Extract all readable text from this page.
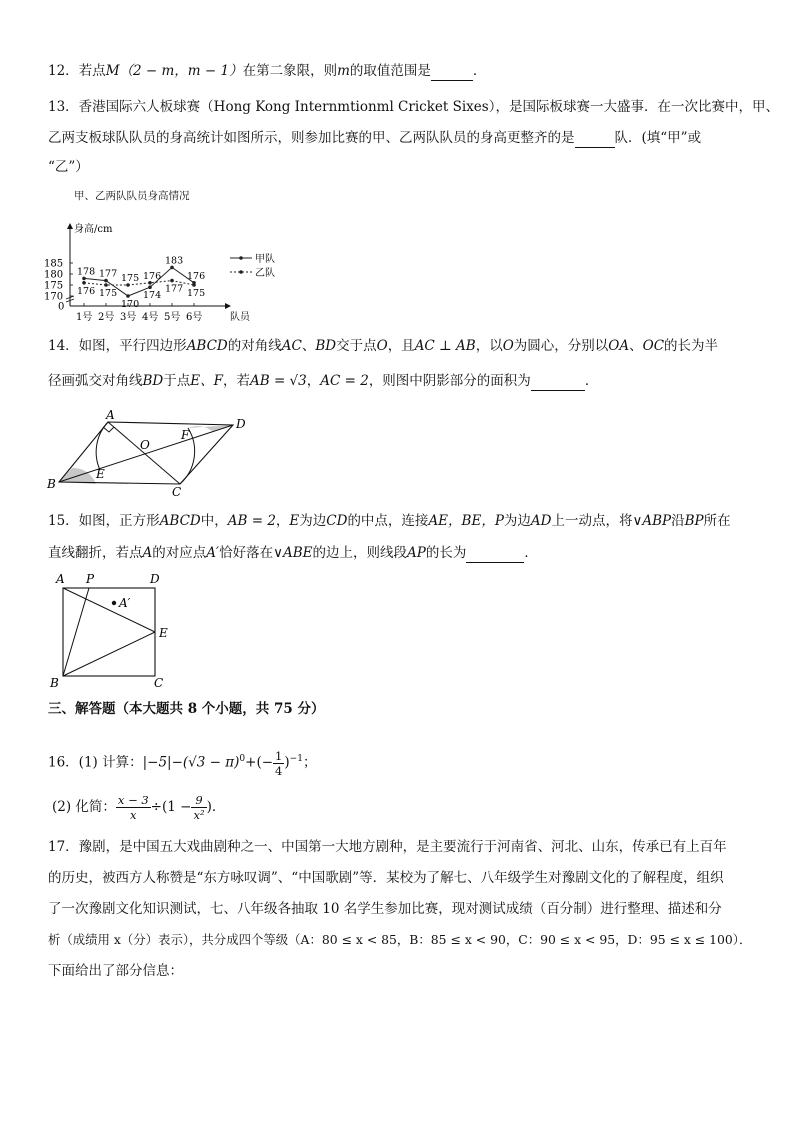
12．若点M（2 − m，m − 1）在第二象限，则m的取值范围是	．
13．香港国际六人板球赛（Hong Kong Internmtionml Cricket Sixes），是国际板球赛一大盛事．在一次比赛中，甲、
乙两支板球队队员的身高统计如图所示，则参加比赛的甲、乙两队队员的身高更整齐的是	队．(填“甲”或
“乙”）
甲、乙两队队员身高情况
身高/cm
队员
0
170
175
180
185
1号 2号 3号 4号 5号 6号
178 177
170
174
183
176
176 175
175 176
177 175
甲队
乙队
14．如图，平行四边形ABCD的对角线AC、BD交于点O，且AC ⊥ AB，以O为圆心，分别以OA、OC的长为半
径画弧交对角线BD于点E、F，若AB = √3，AC = 2，则图中阴影部分的面积为	．
A
B
C
D
O
E
F
15．如图，正方形ABCD中，AB = 2，E为边CD的中点，连接AE，BE，P为边AD上一动点，将∨ABP沿BP所在
直线翻折，若点A的对应点A′恰好落在∨ABE的边上，则线段AP的长为	．
A P	D
A′
E
B	C
三、解答题（本大题共 8 个小题，共 75 分）
16．(1) 计算：$|-5|-(√3 - \pi)^0+(- \frac{1}{4} )^{-1}$；
(2) 化简： $\frac{x - 3}{x} \div(1 - \frac{9}{\text{x²}}$ )．
17．豫剧，是中国五大戏曲剧种之一、中国第一大地方剧种，是主要流行于河南省、河北、山东，传承已有上百年
的历史，被西方人称赞是“东方咏叹调”、“中国歌剧”等．某校为了解七、八年级学生对豫剧文化的了解程度，组织
了一次豫剧文化知识测试，七、八年级各抽取 10 名学生参加比赛，现对测试成绩（百分制）进行整理、描述和分
析（成绩用 x（分）表示），共分成四个等级（A：80 ≤ x < 85，B：85 ≤ x < 90，C：90 ≤ x < 95，D：95 ≤ x ≤ 100）．
下面给出了部分信息：
